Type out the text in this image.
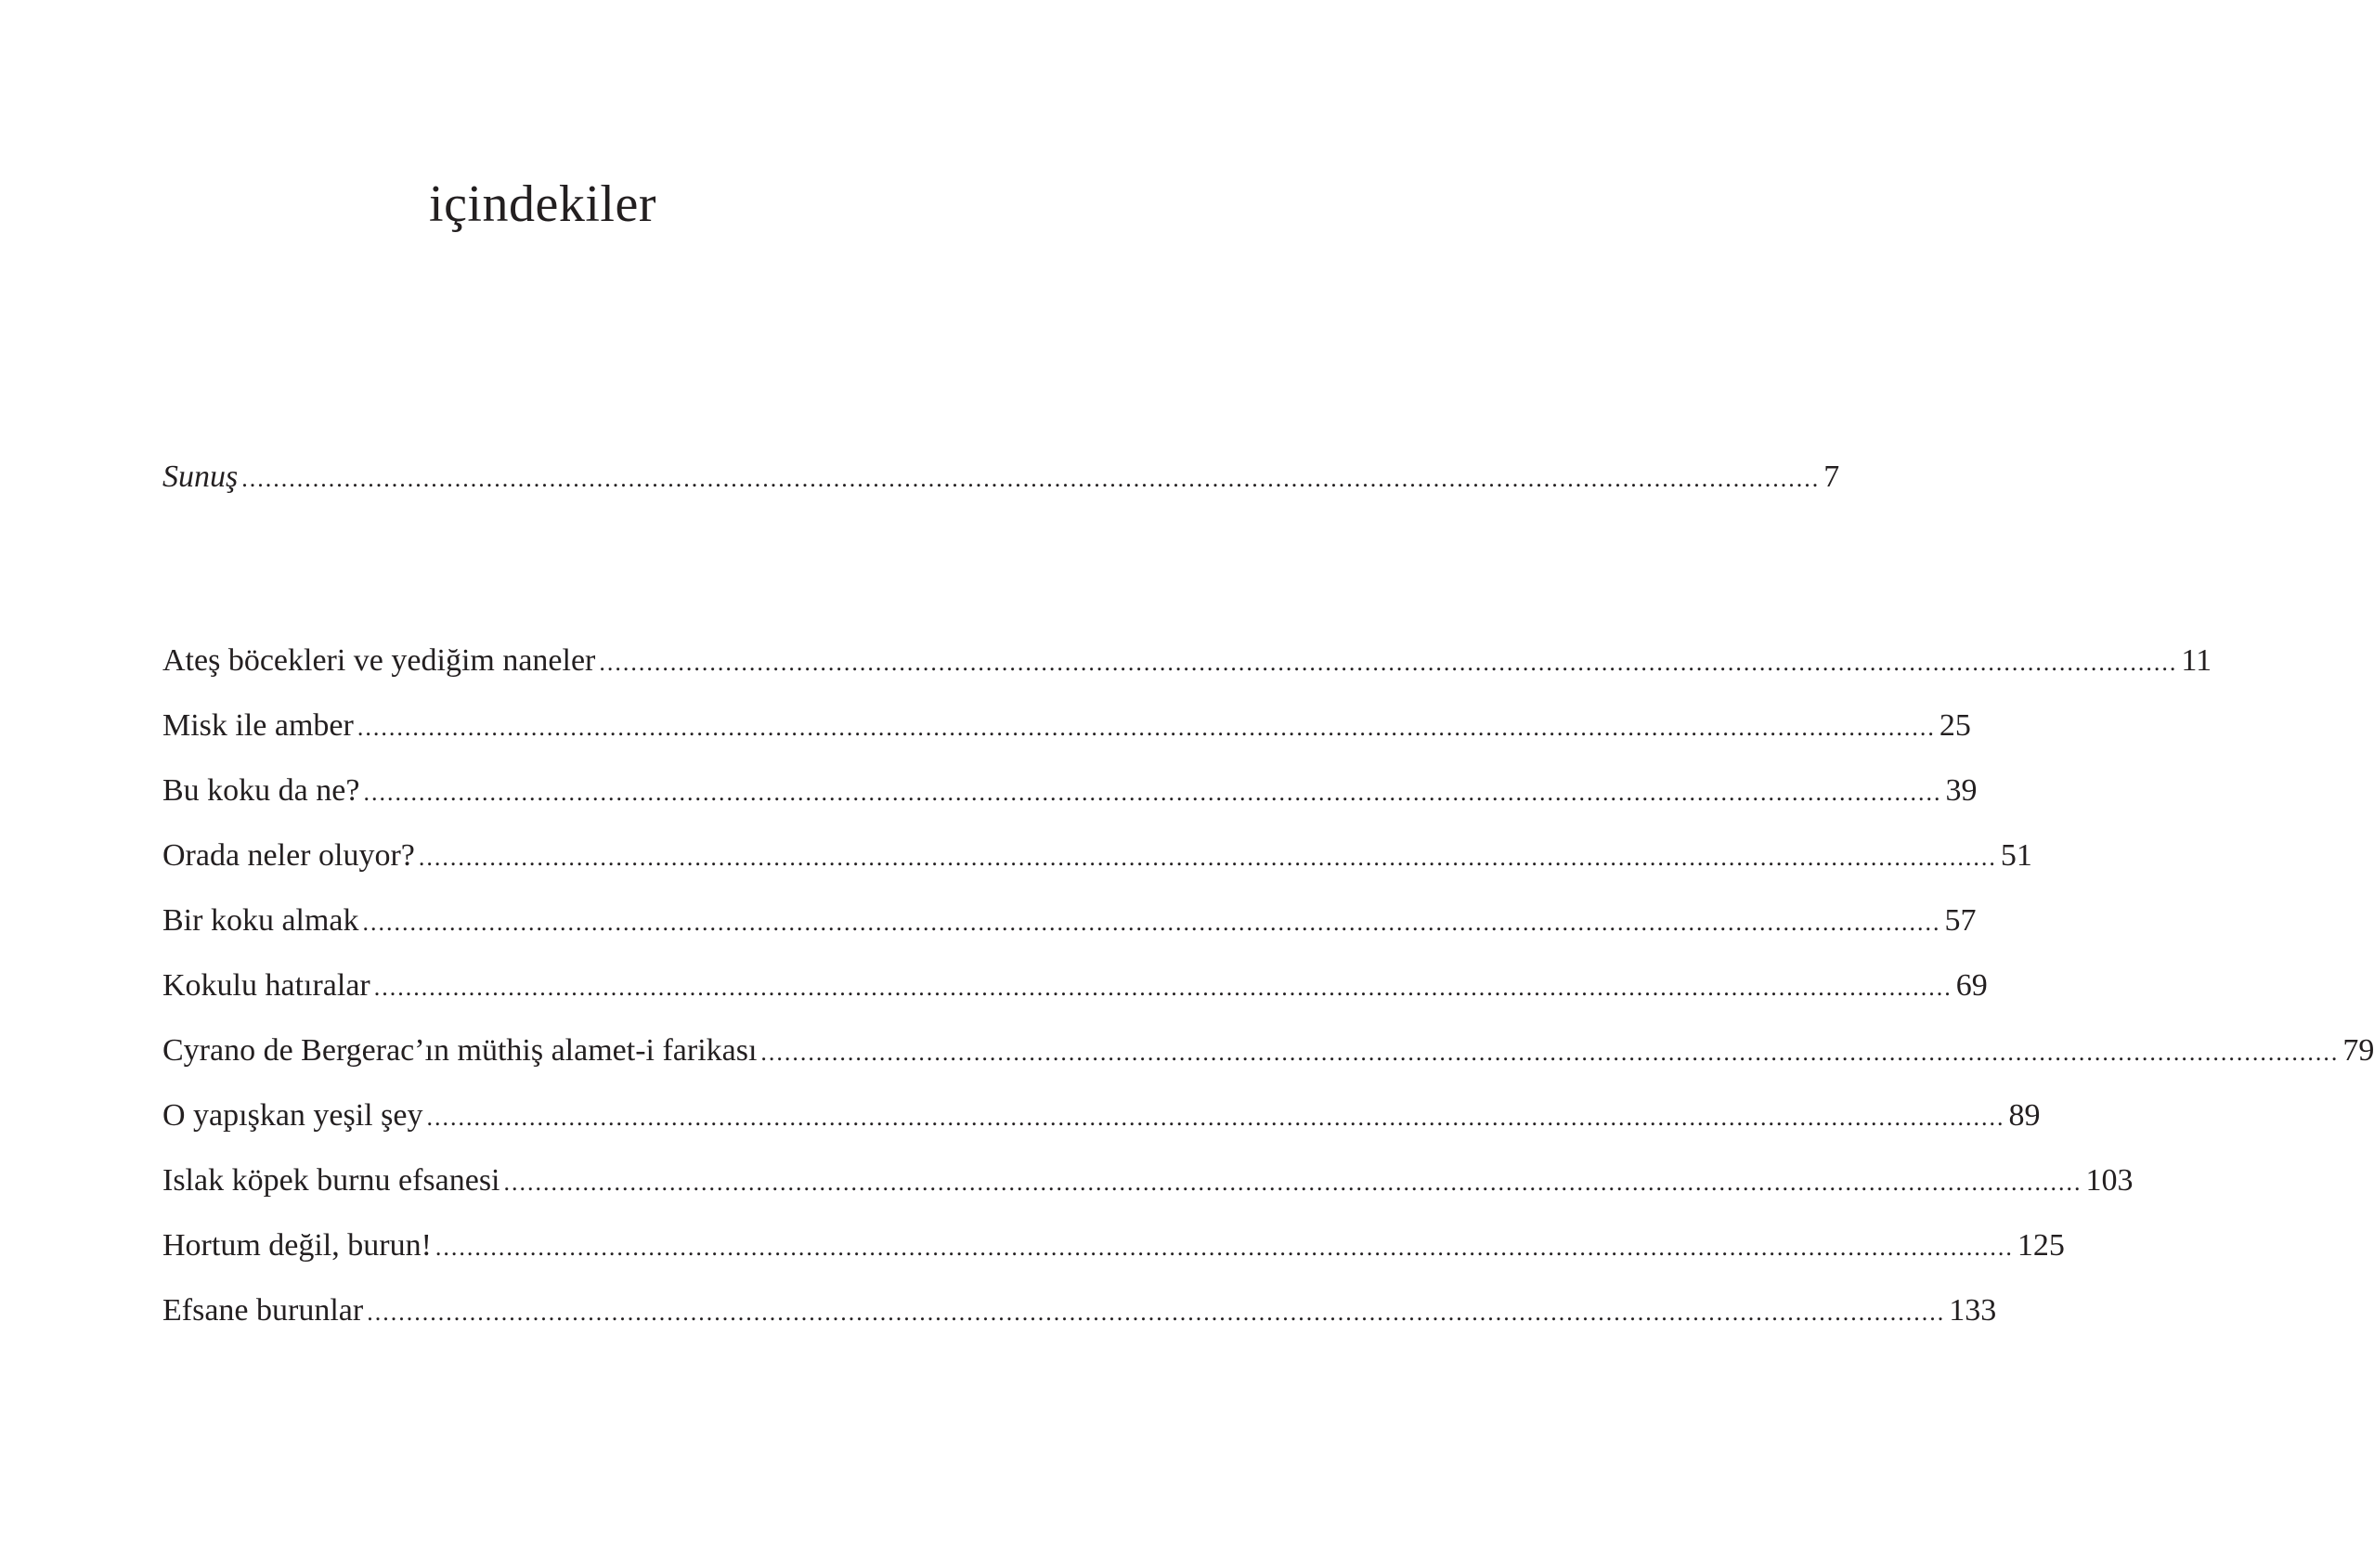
içindekiler
Sunuş ........................................................................................................................................................................................................ 7
Ateş böcekleri ve yediğim naneler ........................................................................................................................................................................................................ 11
Misk ile amber ........................................................................................................................................................................................................ 25
Bu koku da ne? ........................................................................................................................................................................................................ 39
Orada neler oluyor? ........................................................................................................................................................................................................ 51
Bir koku almak ........................................................................................................................................................................................................ 57
Kokulu hatıralar ........................................................................................................................................................................................................ 69
Cyrano de Bergerac’ın müthiş alamet-i farikası ........................................................................................................................................................................................................ 79
O yapışkan yeşil şey ........................................................................................................................................................................................................ 89
Islak köpek burnu efsanesi ........................................................................................................................................................................................................ 103
Hortum değil, burun! ........................................................................................................................................................................................................ 125
Efsane burunlar ........................................................................................................................................................................................................ 133
